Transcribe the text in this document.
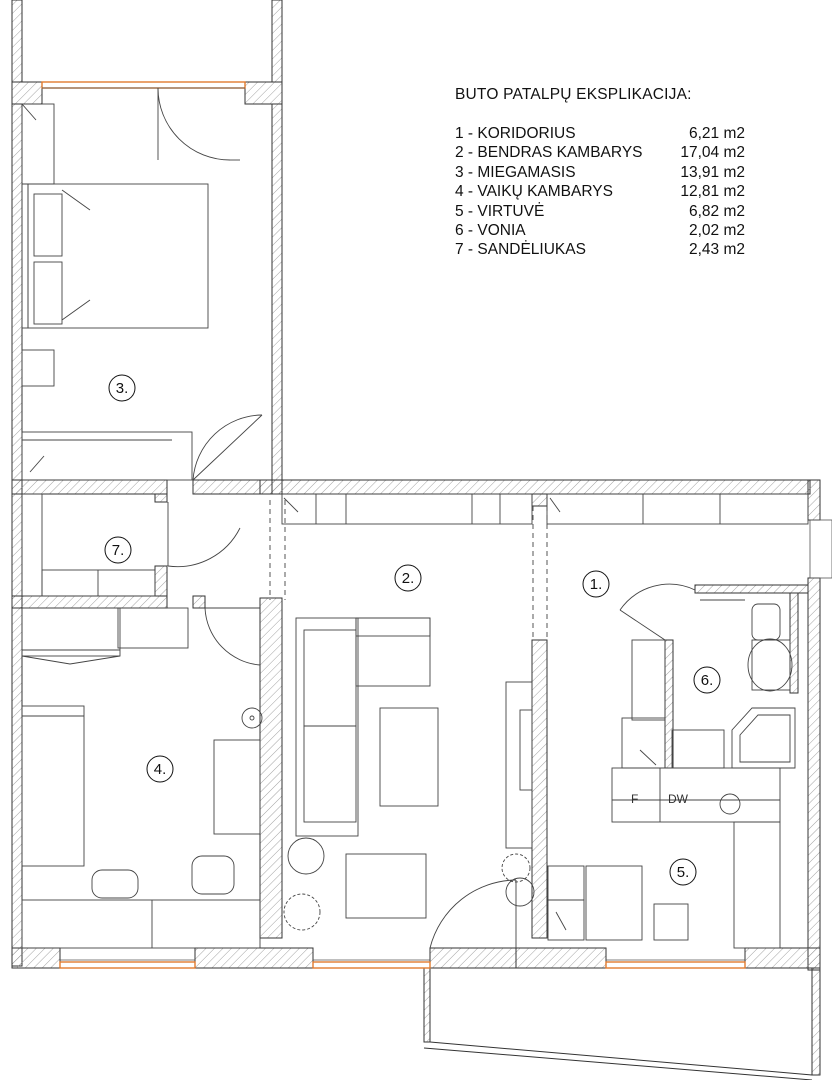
1.
2.
3.
4.
5.
6.
7.
F DW
BUTO PATALPŲ EKSPLIKACIJA:
1 - KORIDORIUS	6,21 m2
2 - BENDRAS KAMBARYS 17,04 m2
3 - MIEGAMASIS	13,91 m2
4 - VAIKŲ KAMBARYS	12,81 m2
5 - VIRTUVĖ	6,82 m2
6 - VONIA	2,02 m2
7 - SANDĖLIUKAS	2,43 m2
